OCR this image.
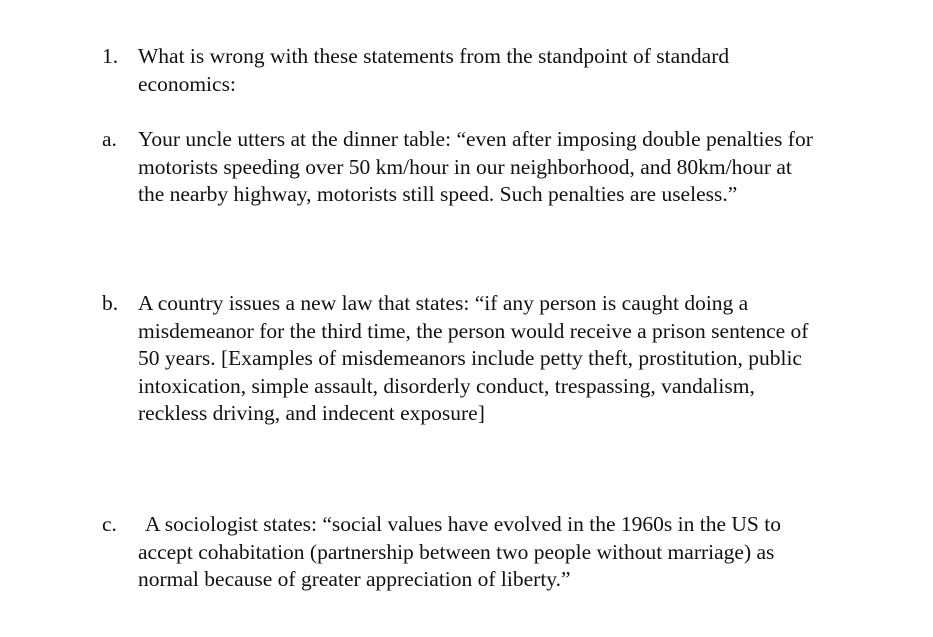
1. What is wrong with these statements from the standpoint of standard
economics:
a. Your uncle utters at the dinner table: “even after imposing double penalties for
motorists speeding over 50 km/hour in our neighborhood, and 80km/hour at
the nearby highway, motorists still speed. Such penalties are useless.”
b. A country issues a new law that states: “if any person is caught doing a
misdemeanor for the third time, the person would receive a prison sentence of
50 years. [Examples of misdemeanors include petty theft, prostitution, public
intoxication, simple assault, disorderly conduct, trespassing, vandalism,
reckless driving, and indecent exposure]
c. A sociologist states: “social values have evolved in the 1960s in the US to
accept cohabitation (partnership between two people without marriage) as
normal because of greater appreciation of liberty.”
